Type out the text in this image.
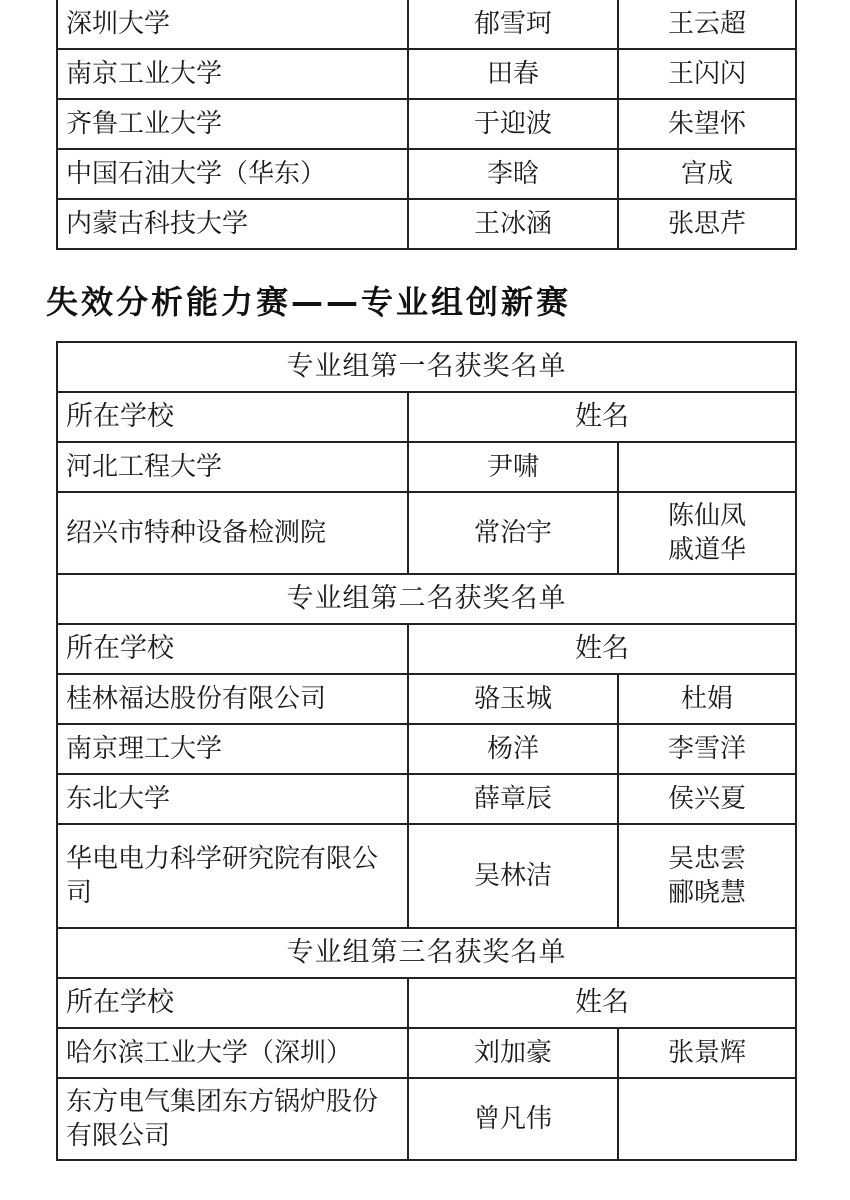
深圳大学	郁雪珂	王云超
南京工业大学	田春	王闪闪
齐鲁工业大学	于迎波	朱望怀
中国石油大学（华东）	李晗	宫成
内蒙古科技大学	王冰涵	张思芹
失效分析能力赛——专业组创新赛
专业组第一名获奖名单		
所在学校	姓名	
河北工程大学	尹啸	
绍兴市特种设备检测院	常治宇	陈仙凤
戚道华

专业组第二名获奖名单		
所在学校	姓名	
桂林福达股份有限公司	骆玉城	杜娟
南京理工大学	杨洋	李雪洋
东北大学	薛章辰	侯兴夏
华电电力科学研究院有限公司	吴林洁	吴忠雲
郦晓慧

专业组第三名获奖名单		
所在学校	姓名	
哈尔滨工业大学（深圳）	刘加豪	张景辉
东方电气集团东方锅炉股份有限公司	曾凡伟	
